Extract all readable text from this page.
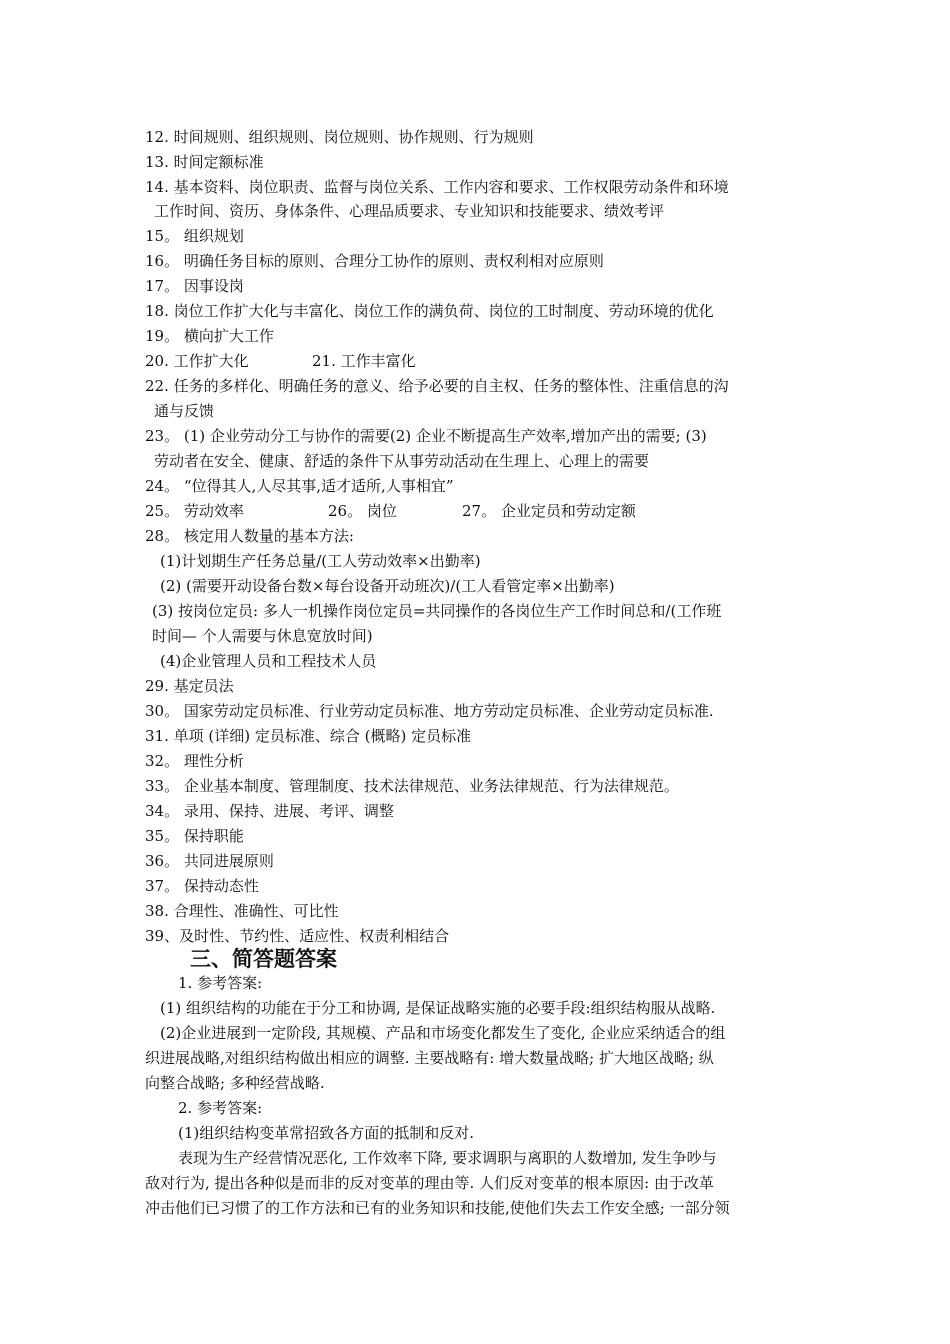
12. 时间规则、组织规则、岗位规则、协作规则、行为规则
13. 时间定额标准
14. 基本资料、岗位职责、监督与岗位关系、工作内容和要求、工作权限劳动条件和环境
工作时间、资历、身体条件、心理品质要求、专业知识和技能要求、绩效考评
15。 组织规划
16。 明确任务目标的原则、合理分工协作的原则、责权利相对应原则
17。 因事设岗
18. 岗位工作扩大化与丰富化、岗位工作的满负荷、岗位的工时制度、劳动环境的优化
19。 横向扩大工作
20. 工作扩大化	21. 工作丰富化
22. 任务的多样化、明确任务的意义、给予必要的自主权、任务的整体性、注重信息的沟
通与反馈
23。 (1) 企业劳动分工与协作的需要(2) 企业不断提高生产效率,增加产出的需要; (3)
劳动者在安全、健康、舒适的条件下从事劳动活动在生理上、心理上的需要
24。 “位得其人,人尽其事,适才适所,人事相宜”
25。 劳动效率	26。 岗位	27。 企业定员和劳动定额
28。 核定用人数量的基本方法:
(1)计划期生产任务总量/(工人劳动效率×出勤率)
(2) (需要开动设备台数×每台设备开动班次)/(工人看管定率×出勤率)
(3) 按岗位定员: 多人一机操作岗位定员=共同操作的各岗位生产工作时间总和/(工作班
时间— 个人需要与休息宽放时间)
(4)企业管理人员和工程技术人员
29. 基定员法
30。 国家劳动定员标准、行业劳动定员标准、地方劳动定员标准、企业劳动定员标准.
31. 单项 (详细) 定员标准、综合 (概略) 定员标准
32。 理性分析
33。 企业基本制度、管理制度、技术法律规范、业务法律规范、行为法律规范。
34。 录用、保持、进展、考评、调整
35。 保持职能
36。 共同进展原则
37。 保持动态性
38. 合理性、准确性、可比性
39、及时性、节约性、适应性、权责利相结合
三、简答题答案
1. 参考答案:
(1) 组织结构的功能在于分工和协调, 是保证战略实施的必要手段:组织结构服从战略.
(2)企业进展到一定阶段, 其规模、产品和市场变化都发生了变化, 企业应采纳适合的组
织进展战略,对组织结构做出相应的调整. 主要战略有: 增大数量战略; 扩大地区战略; 纵
向整合战略; 多种经营战略.
2. 参考答案:
(1)组织结构变革常招致各方面的抵制和反对.
表现为生产经营情况恶化, 工作效率下降, 要求调职与离职的人数增加, 发生争吵与
敌对行为, 提出各种似是而非的反对变革的理由等. 人们反对变革的根本原因: 由于改革
冲击他们已习惯了的工作方法和已有的业务知识和技能,使他们失去工作安全感; 一部分领
